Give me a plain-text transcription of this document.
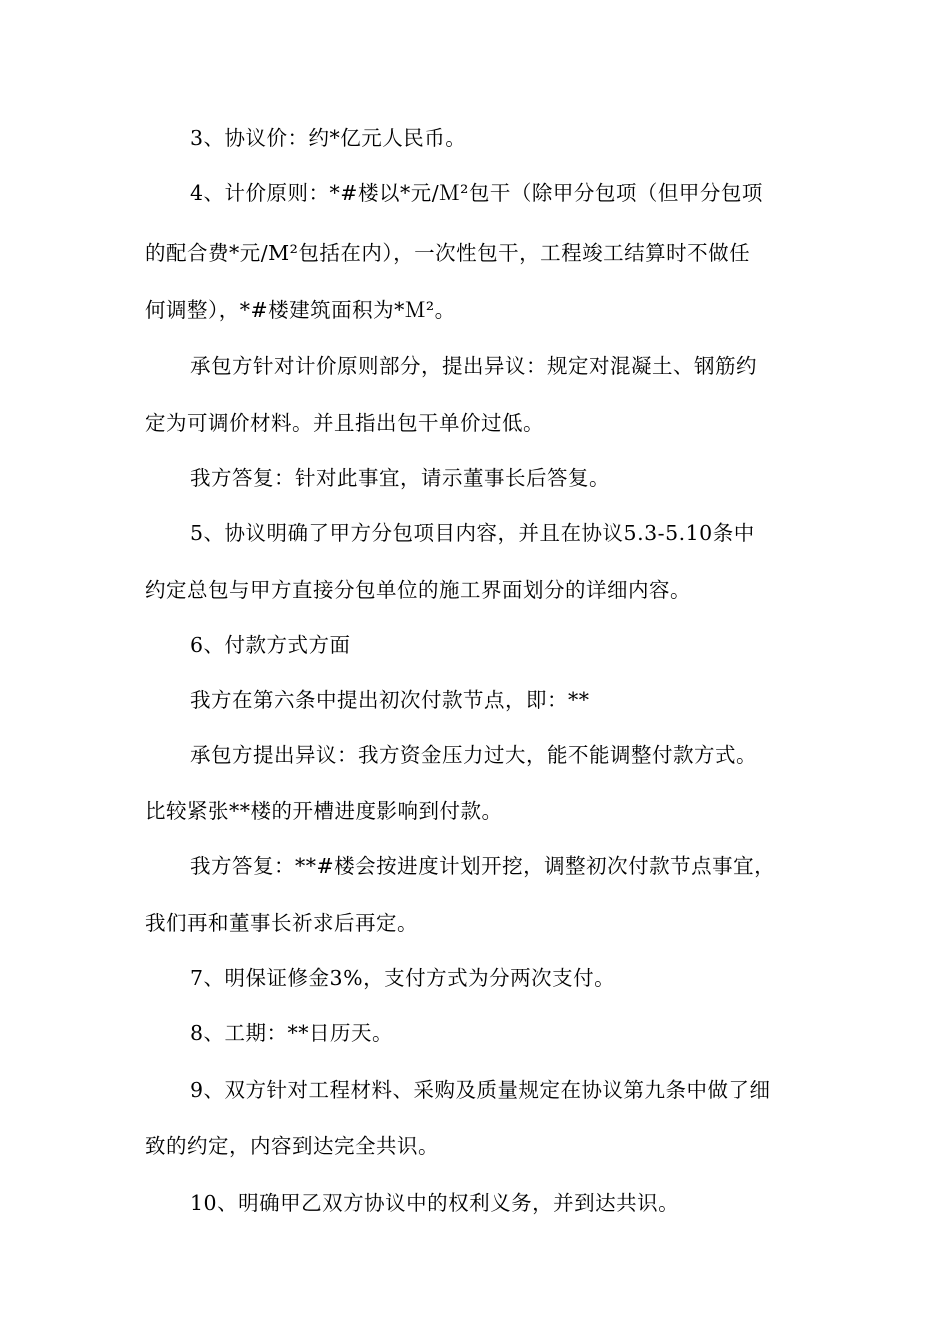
3、协议价：约*亿元人民币。
4、计价原则：*#楼以*元/Ｍ²包干（除甲分包项（但甲分包项
的配合费*元/M²包括在内），一次性包干，工程竣工结算时不做任
何调整），*#楼建筑面积为*Ｍ²。
承包方针对计价原则部分，提出异议：规定对混凝土、钢筋约
定为可调价材料。并且指出包干单价过低。
我方答复：针对此事宜，请示董事长后答复。
5、协议明确了甲方分包项目内容，并且在协议5.3-5.10条中
约定总包与甲方直接分包单位的施工界面划分的详细内容。
6、付款方式方面
我方在第六条中提出初次付款节点，即：**
承包方提出异议：我方资金压力过大，能不能调整付款方式。
比较紧张**楼的开槽进度影响到付款。
我方答复：**#楼会按进度计划开挖，调整初次付款节点事宜，
我们再和董事长祈求后再定。
7、明保证修金3%，支付方式为分两次支付。
8、工期：**日历天。
9、双方针对工程材料、采购及质量规定在协议第九条中做了细
致的约定，内容到达完全共识。
10、明确甲乙双方协议中的权利义务，并到达共识。
